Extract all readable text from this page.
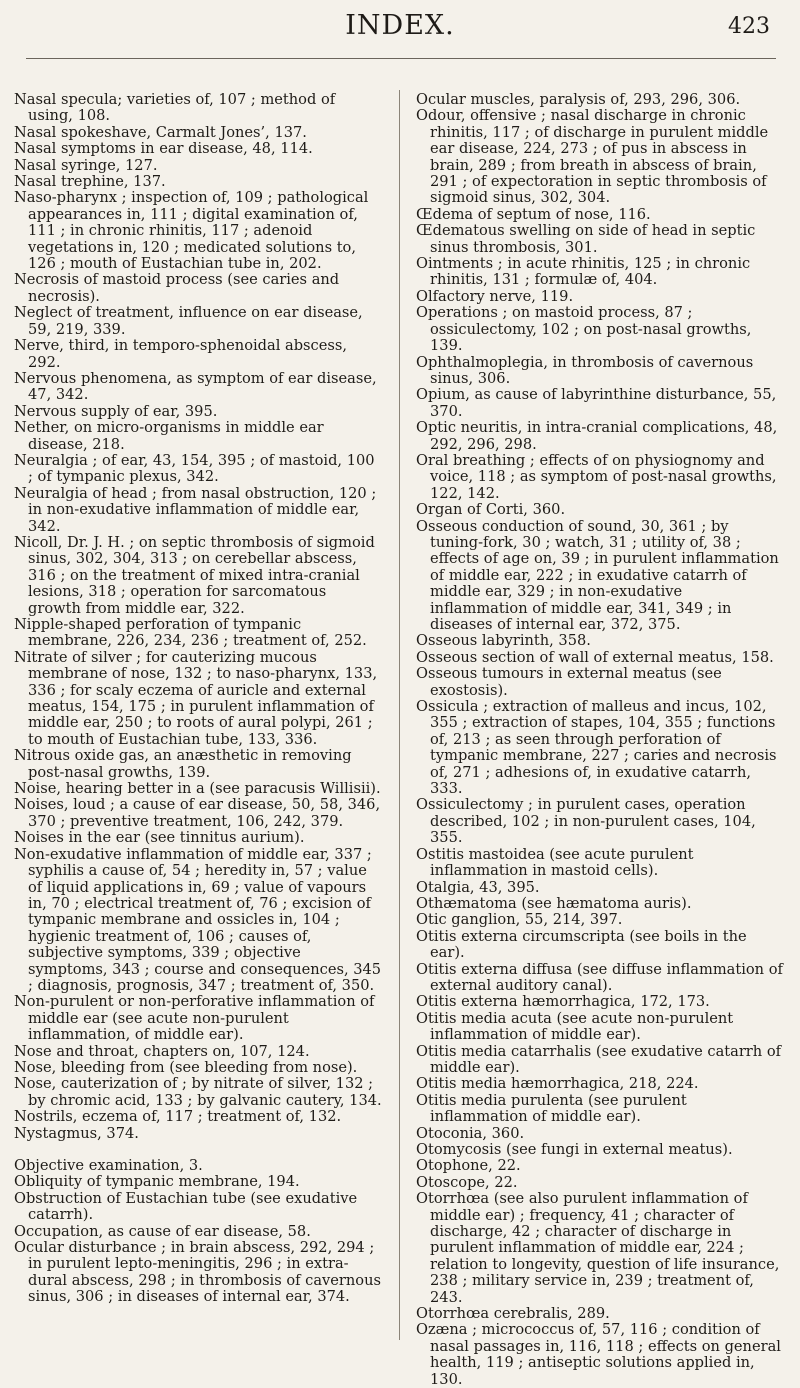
INDEX.	423
Nasal specula; varieties of, 107 ; method of using, 108.
Nasal spokeshave, Carmalt Jones’, 137.
Nasal symptoms in ear disease, 48, 114.
Nasal syringe, 127.
Nasal trephine, 137.
Naso-pharynx ; inspection of, 109 ; pathological appearances in, 111 ; digital examination of, 111 ; in chronic rhinitis, 117 ; adenoid vegetations in, 120 ; medicated solutions to, 126 ; mouth of Eustachian tube in, 202.
Necrosis of mastoid process (see caries and necrosis).
Neglect of treatment, influence on ear disease, 59, 219, 339.
Nerve, third, in temporo-sphenoidal abscess, 292.
Nervous phenomena, as symptom of ear disease, 47, 342.
Nervous supply of ear, 395.
Nether, on micro-organisms in middle ear disease, 218.
Neuralgia ; of ear, 43, 154, 395 ; of mastoid, 100 ; of tympanic plexus, 342.
Neuralgia of head ; from nasal obstruction, 120 ; in non-exudative inflammation of middle ear, 342.
Nicoll, Dr. J. H. ; on septic thrombosis of sigmoid sinus, 302, 304, 313 ; on cerebellar abscess, 316 ; on the treatment of mixed intra-cranial lesions, 318 ; operation for sarcomatous growth from middle ear, 322.
Nipple-shaped perforation of tympanic membrane, 226, 234, 236 ; treatment of, 252.
Nitrate of silver ; for cauterizing mucous membrane of nose, 132 ; to naso-pharynx, 133, 336 ; for scaly eczema of auricle and external meatus, 154, 175 ; in purulent inflammation of middle ear, 250 ; to roots of aural polypi, 261 ; to mouth of Eustachian tube, 133, 336.
Nitrous oxide gas, an anæsthetic in removing post-nasal growths, 139.
Noise, hearing better in a (see paracusis Willisii).
Noises, loud ; a cause of ear disease, 50, 58, 346, 370 ; preventive treatment, 106, 242, 379.
Noises in the ear (see tinnitus aurium).
Non-exudative inflammation of middle ear, 337 ; syphilis a cause of, 54 ; heredity in, 57 ; value of liquid applications in, 69 ; value of vapours in, 70 ; electrical treatment of, 76 ; excision of tympanic membrane and ossicles in, 104 ; hygienic treatment of, 106 ; causes of, subjective symptoms, 339 ; objective symptoms, 343 ; course and consequences, 345 ; diagnosis, prognosis, 347 ; treatment of, 350.
Non-purulent or non-perforative inflammation of middle ear (see acute non-purulent inflammation, of middle ear).
Nose and throat, chapters on, 107, 124.
Nose, bleeding from (see bleeding from nose).
Nose, cauterization of ; by nitrate of silver, 132 ; by chromic acid, 133 ; by galvanic cautery, 134.
Nostrils, eczema of, 117 ; treatment of, 132.
Nystagmus, 374.
Objective examination, 3.
Obliquity of tympanic membrane, 194.
Obstruction of Eustachian tube (see exudative catarrh).
Occupation, as cause of ear disease, 58.
Ocular disturbance ; in brain abscess, 292, 294 ; in purulent lepto-meningitis, 296 ; in extra-dural abscess, 298 ; in thrombosis of cavernous sinus, 306 ; in diseases of internal ear, 374.
Ocular muscles, paralysis of, 293, 296, 306.
Odour, offensive ; nasal discharge in chronic rhinitis, 117 ; of discharge in purulent middle ear disease, 224, 273 ; of pus in abscess in brain, 289 ; from breath in abscess of brain, 291 ; of expectoration in septic thrombosis of sigmoid sinus, 302, 304.
Œdema of septum of nose, 116.
Œdematous swelling on side of head in septic sinus thrombosis, 301.
Ointments ; in acute rhinitis, 125 ; in chronic rhinitis, 131 ; formulæ of, 404.
Olfactory nerve, 119.
Operations ; on mastoid process, 87 ; ossiculectomy, 102 ; on post-nasal growths, 139.
Ophthalmoplegia, in thrombosis of cavernous sinus, 306.
Opium, as cause of labyrinthine disturbance, 55, 370.
Optic neuritis, in intra-cranial complications, 48, 292, 296, 298.
Oral breathing ; effects of on physiognomy and voice, 118 ; as symptom of post-nasal growths, 122, 142.
Organ of Corti, 360.
Osseous conduction of sound, 30, 361 ; by tuning-fork, 30 ; watch, 31 ; utility of, 38 ; effects of age on, 39 ; in purulent inflammation of middle ear, 222 ; in exudative catarrh of middle ear, 329 ; in non-exudative inflammation of middle ear, 341, 349 ; in diseases of internal ear, 372, 375.
Osseous labyrinth, 358.
Osseous section of wall of external meatus, 158.
Osseous tumours in external meatus (see exostosis).
Ossicula ; extraction of malleus and incus, 102, 355 ; extraction of stapes, 104, 355 ; functions of, 213 ; as seen through perforation of tympanic membrane, 227 ; caries and necrosis of, 271 ; adhesions of, in exudative catarrh, 333.
Ossiculectomy ; in purulent cases, operation described, 102 ; in non-purulent cases, 104, 355.
Ostitis mastoidea (see acute purulent inflammation in mastoid cells).
Otalgia, 43, 395.
Othæmatoma (see hæmatoma auris).
Otic ganglion, 55, 214, 397.
Otitis externa circumscripta (see boils in the ear).
Otitis externa diffusa (see diffuse inflammation of external auditory canal).
Otitis externa hæmorrhagica, 172, 173.
Otitis media acuta (see acute non-purulent inflammation of middle ear).
Otitis media catarrhalis (see exudative catarrh of middle ear).
Otitis media hæmorrhagica, 218, 224.
Otitis media purulenta (see purulent inflammation of middle ear).
Otoconia, 360.
Otomycosis (see fungi in external meatus).
Otophone, 22.
Otoscope, 22.
Otorrhœa (see also purulent inflammation of middle ear) ; frequency, 41 ; character of discharge, 42 ; character of discharge in purulent inflammation of middle ear, 224 ; relation to longevity, question of life insurance, 238 ; military service in, 239 ; treatment of, 243.
Otorrhœa cerebralis, 289.
Ozæna ; micrococcus of, 57, 116 ; condition of nasal passages in, 116, 118 ; effects on general health, 119 ; antiseptic solutions applied in, 130.
